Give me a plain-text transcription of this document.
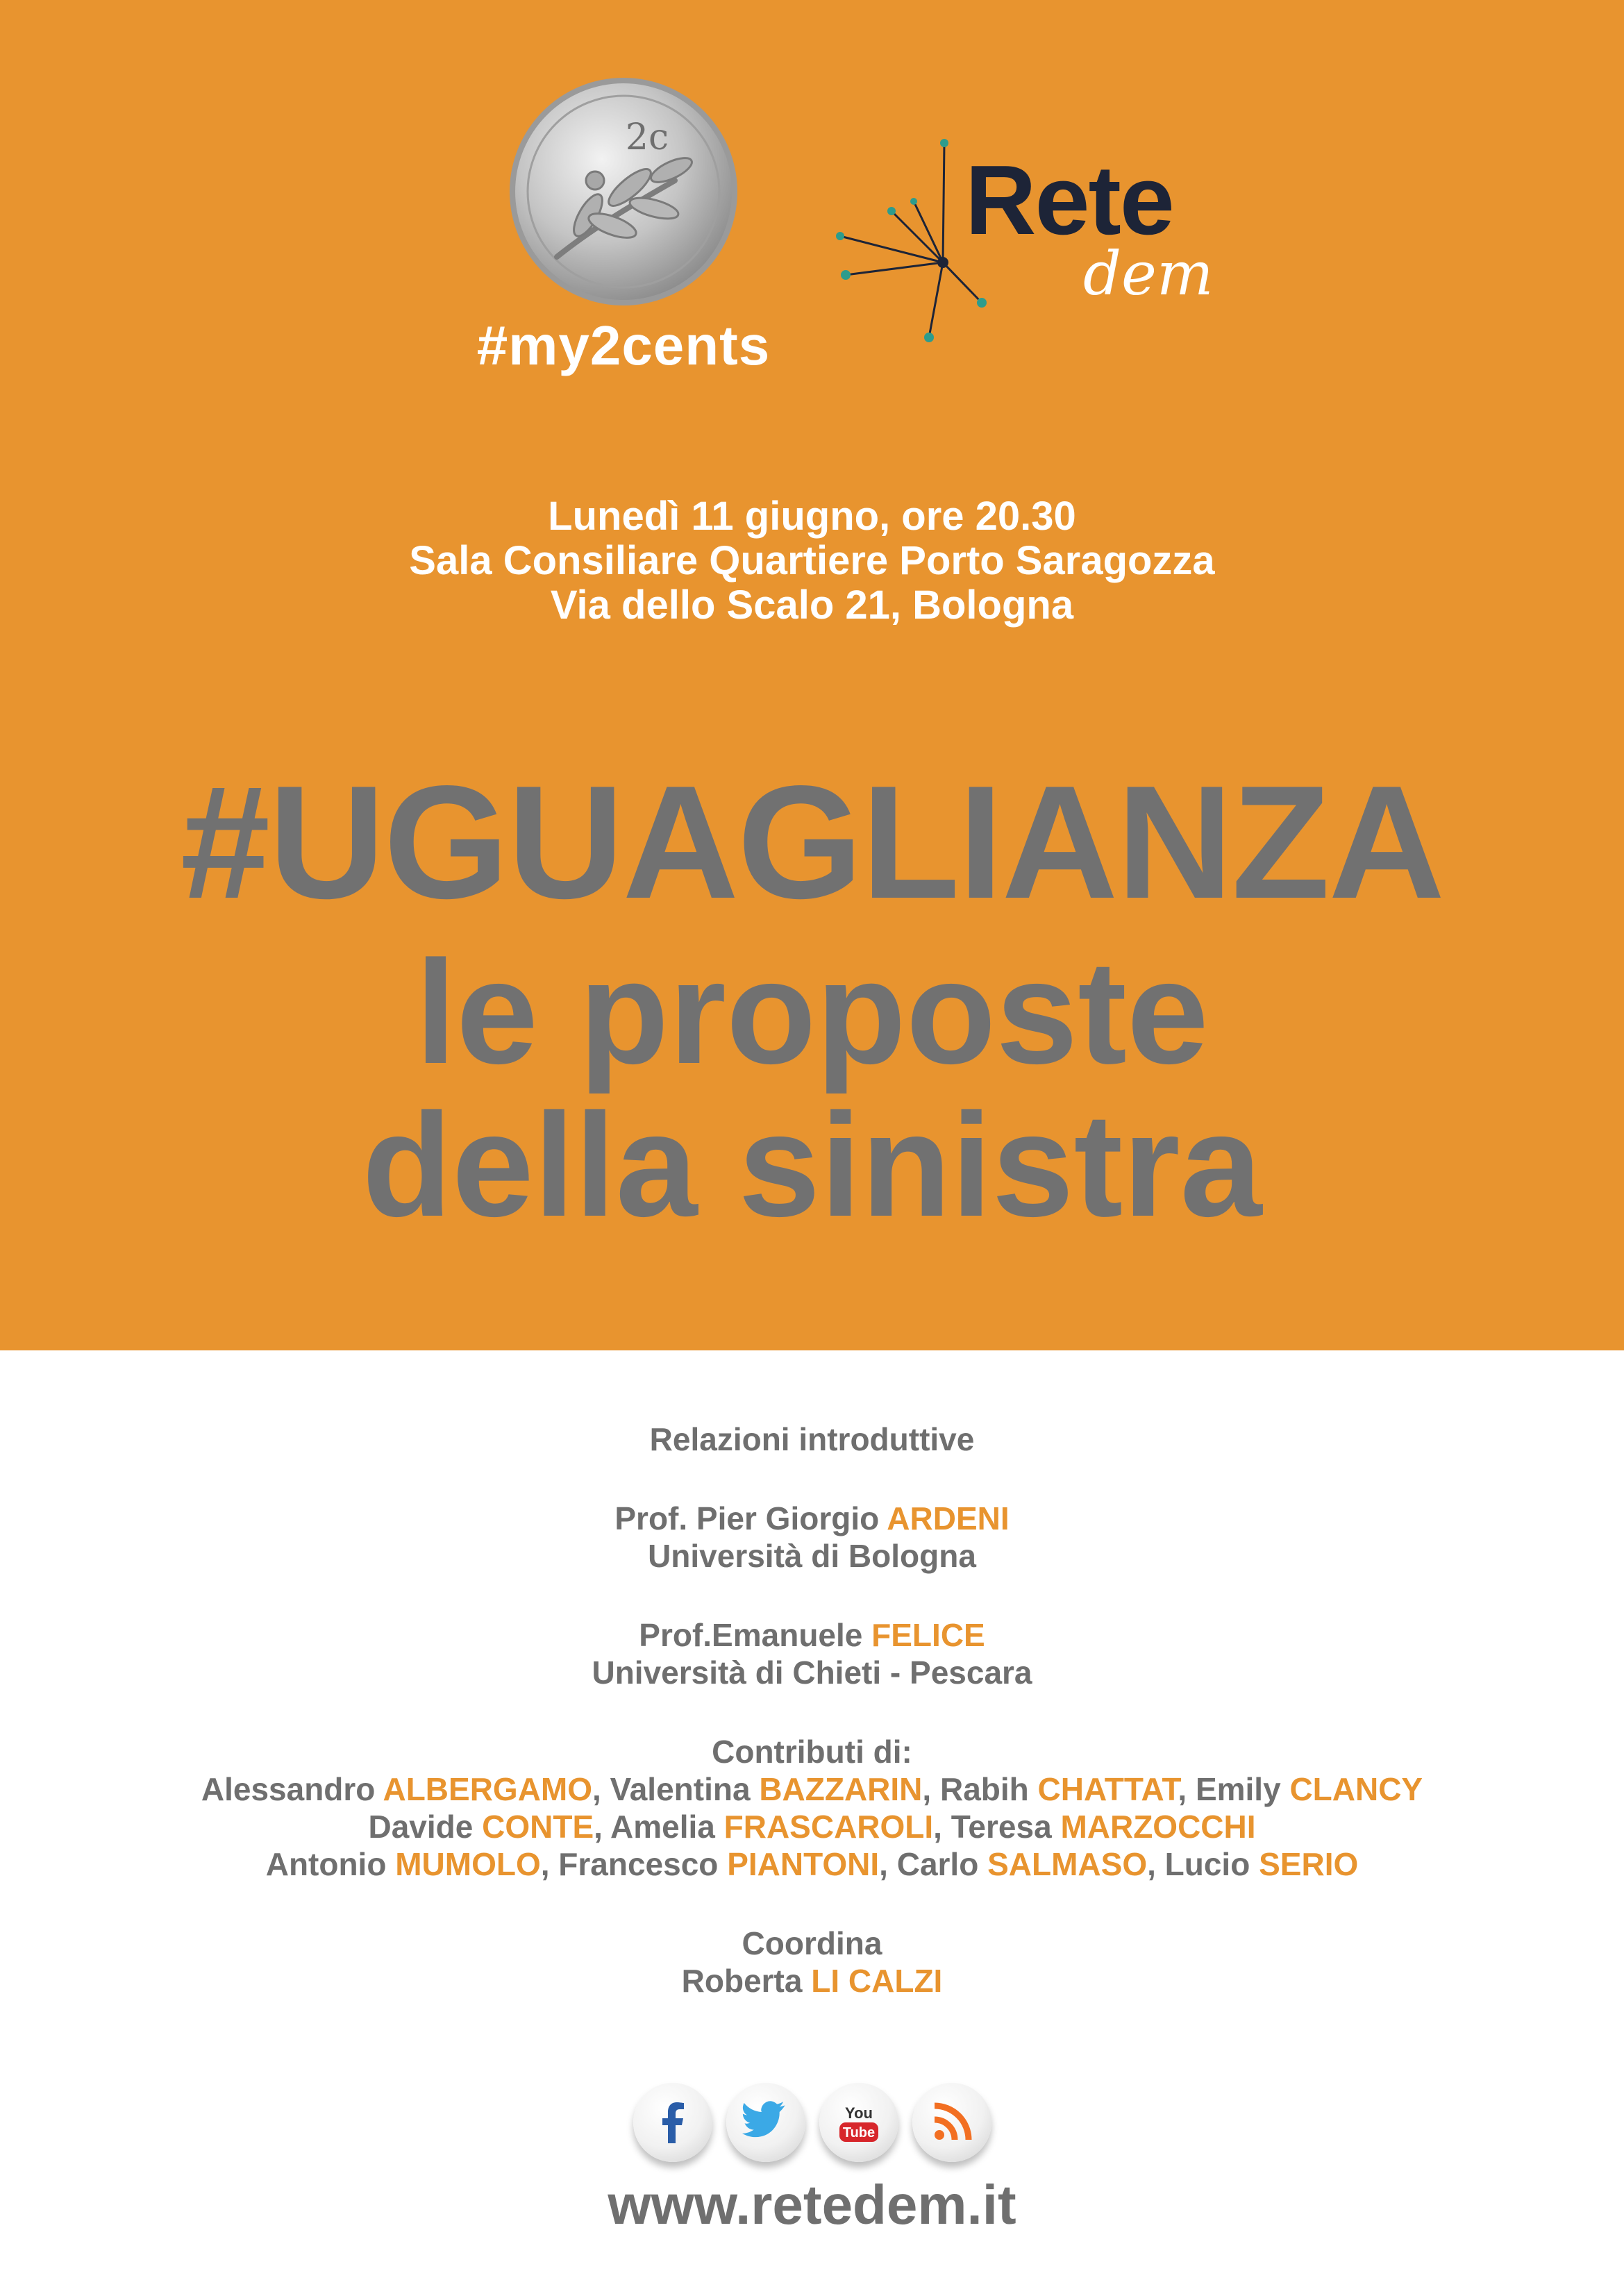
2c
#my2cents
Rete
dem
Lunedì 11 giugno, ore 20.30
Sala Consiliare Quartiere Porto Saragozza
Via dello Scalo 21, Bologna
#UGUAGLIANZA
le proposte
della sinistra
Relazioni introduttive
Prof. Pier Giorgio ARDENI
Università di Bologna
Prof.Emanuele FELICE
Università di Chieti - Pescara
Contributi di:
Alessandro ALBERGAMO, Valentina BAZZARIN, Rabih CHATTAT, Emily CLANCY
Davide CONTE, Amelia FRASCAROLI, Teresa MARZOCCHI
Antonio MUMOLO, Francesco PIANTONI, Carlo SALMASO, Lucio SERIO
Coordina
Roberta LI CALZI
You
Tube
www.retedem.it
